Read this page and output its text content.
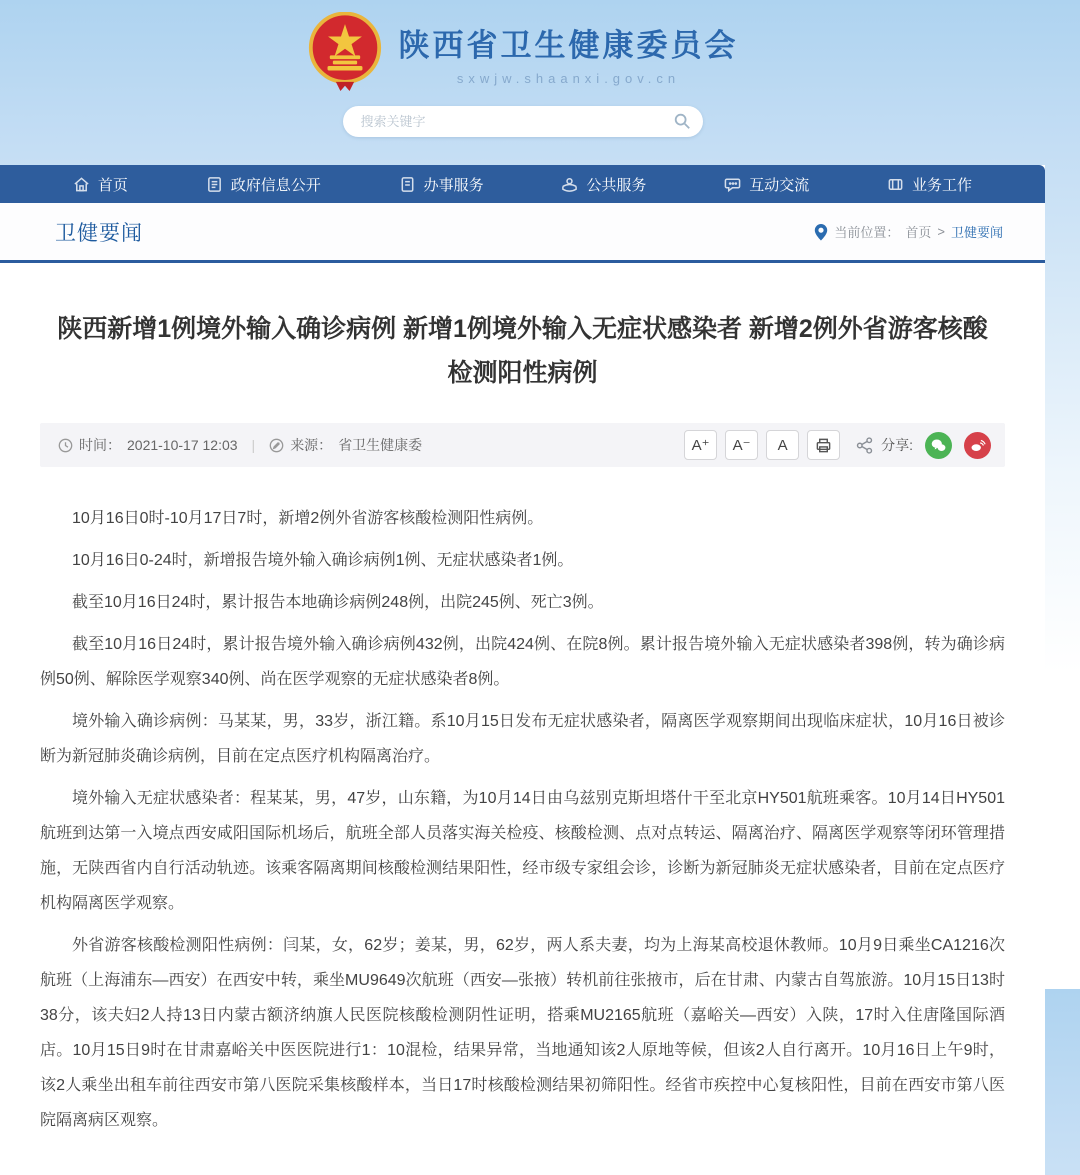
陕西省卫生健康委员会
sxwjw.shaanxi.gov.cn
搜索关键字
首页	政府信息公开	办事服务	公共服务	互动交流	业务工作
卫健要闻	当前位置： 首页 > 卫健要闻
陕西新增1例境外输入确诊病例 新增1例境外输入无症状感染者 新增2例外省游客核酸检测阳性病例
时间： 2021-10-17 12:03 |	来源： 省卫生健康委	A⁺	A⁻	A	分享:

10月16日0时-10月17日7时，新增2例外省游客核酸检测阳性病例。

10月16日0-24时，新增报告境外输入确诊病例1例、无症状感染者1例。

截至10月16日24时，累计报告本地确诊病例248例，出院245例、死亡3例。

截至10月16日24时，累计报告境外输入确诊病例432例，出院424例、在院8例。累计报告境外输入无症状感染者398例，转为确诊病例50例、解除医学观察340例、尚在医学观察的无症状感染者8例。

境外输入确诊病例：马某某，男，33岁，浙江籍。系10月15日发布无症状感染者，隔离医学观察期间出现临床症状，10月16日被诊断为新冠肺炎确诊病例，目前在定点医疗机构隔离治疗。

境外输入无症状感染者：程某某，男，47岁，山东籍，为10月14日由乌兹别克斯坦塔什干至北京HY501航班乘客。10月14日HY501航班到达第一入境点西安咸阳国际机场后，航班全部人员落实海关检疫、核酸检测、点对点转运、隔离治疗、隔离医学观察等闭环管理措施，无陕西省内自行活动轨迹。该乘客隔离期间核酸检测结果阳性，经市级专家组会诊，诊断为新冠肺炎无症状感染者，目前在定点医疗机构隔离医学观察。

外省游客核酸检测阳性病例：闫某，女，62岁；姜某，男，62岁，两人系夫妻，均为上海某高校退休教师。10月9日乘坐CA1216次航班（上海浦东—西安）在西安中转，乘坐MU9649次航班（西安—张掖）转机前往张掖市，后在甘肃、内蒙古自驾旅游。10月15日13时38分，该夫妇2人持13日内蒙古额济纳旗人民医院核酸检测阴性证明，搭乘MU2165航班（嘉峪关—西安）入陕，17时入住唐隆国际酒店。10月15日9时在甘肃嘉峪关中医医院进行1：10混检，结果异常，当地通知该2人原地等候，但该2人自行离开。10月16日上午9时，该2人乘坐出租车前往西安市第八医院采集核酸样本，当日17时核酸检测结果初筛阳性。经省市疾控中心复核阳性，目前在西安市第八医院隔离病区观察。
